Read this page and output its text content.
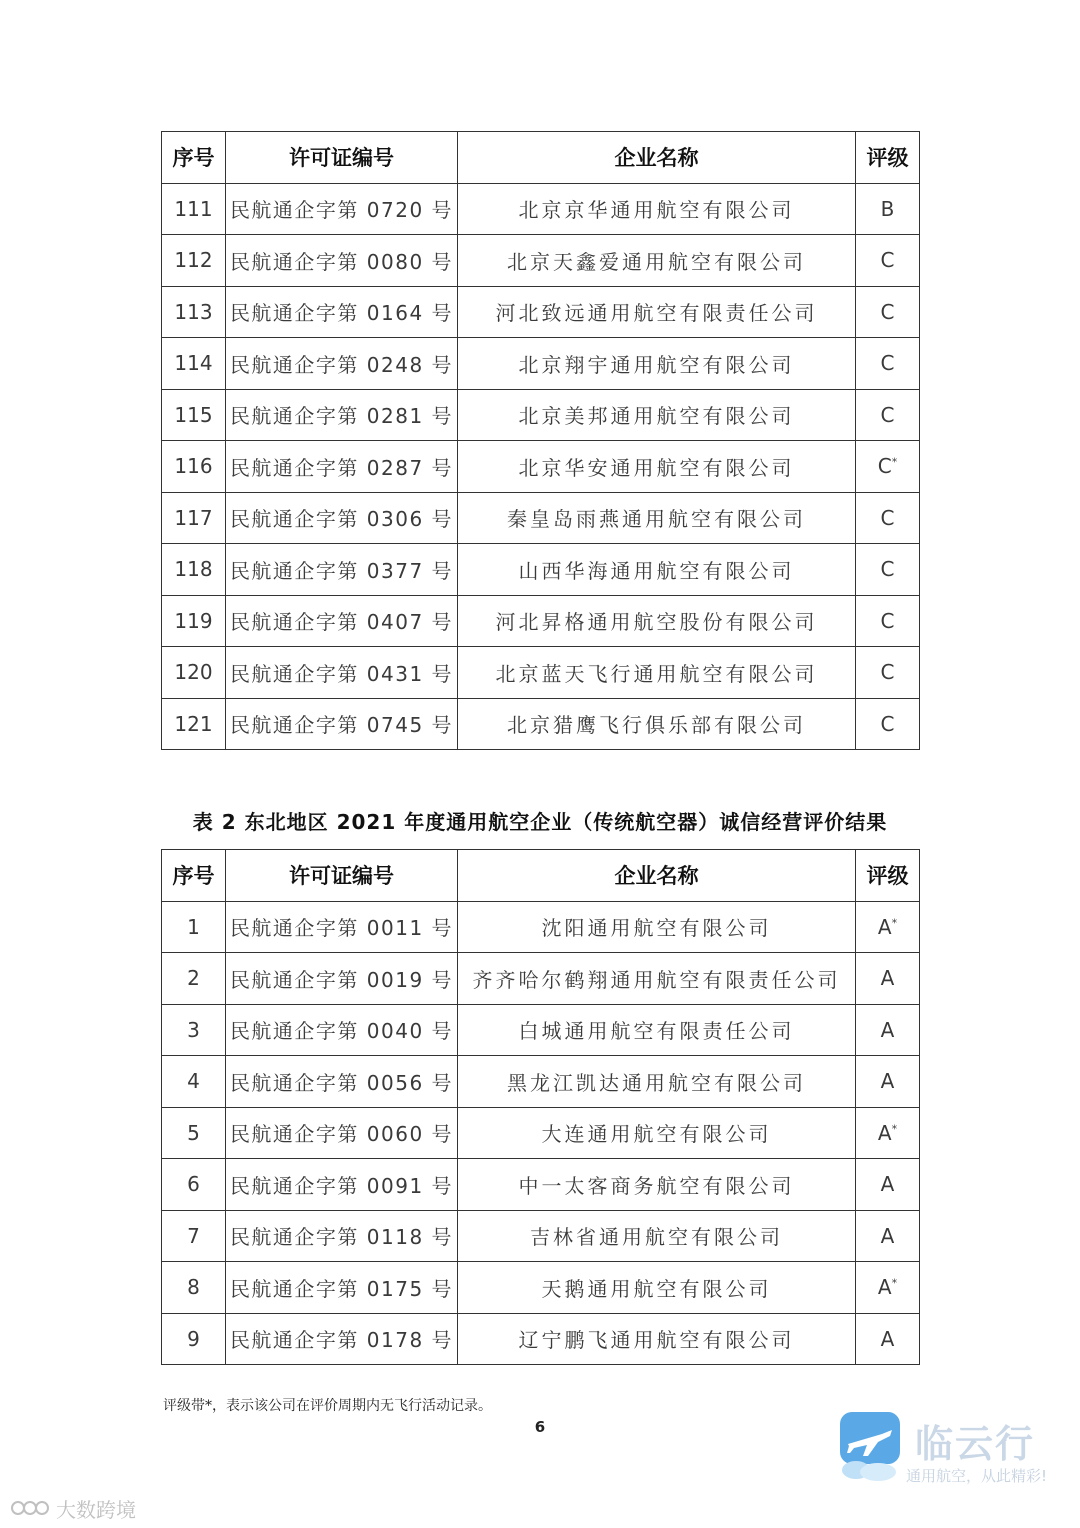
序号	许可证编号	企业名称	评级
111	民航通企字第 0720 号	北京京华通用航空有限公司	B
112	民航通企字第 0080 号	北京天鑫爱通用航空有限公司	C
113	民航通企字第 0164 号	河北致远通用航空有限责任公司	C
114	民航通企字第 0248 号	北京翔宇通用航空有限公司	C
115	民航通企字第 0281 号	北京美邦通用航空有限公司	C
116	民航通企字第 0287 号	北京华安通用航空有限公司	C*
117	民航通企字第 0306 号	秦皇岛雨燕通用航空有限公司	C
118	民航通企字第 0377 号	山西华海通用航空有限公司	C
119	民航通企字第 0407 号	河北昇格通用航空股份有限公司	C
120	民航通企字第 0431 号	北京蓝天飞行通用航空有限公司	C
121	民航通企字第 0745 号	北京猎鹰飞行俱乐部有限公司	C
表 2 东北地区 2021 年度通用航空企业（传统航空器）诚信经营评价结果
序号	许可证编号	企业名称	评级
1	民航通企字第 0011 号	沈阳通用航空有限公司	A*
2	民航通企字第 0019 号	齐齐哈尔鹤翔通用航空有限责任公司	A
3	民航通企字第 0040 号	白城通用航空有限责任公司	A
4	民航通企字第 0056 号	黑龙江凯达通用航空有限公司	A
5	民航通企字第 0060 号	大连通用航空有限公司	A*
6	民航通企字第 0091 号	中一太客商务航空有限公司	A
7	民航通企字第 0118 号	吉林省通用航空有限公司	A
8	民航通企字第 0175 号	天鹅通用航空有限公司	A*
9	民航通企字第 0178 号	辽宁鹏飞通用航空有限公司	A
评级带*，表示该公司在评价周期内无飞行活动记录。
6	临云行
通用航空，从此精彩!
大数跨境
